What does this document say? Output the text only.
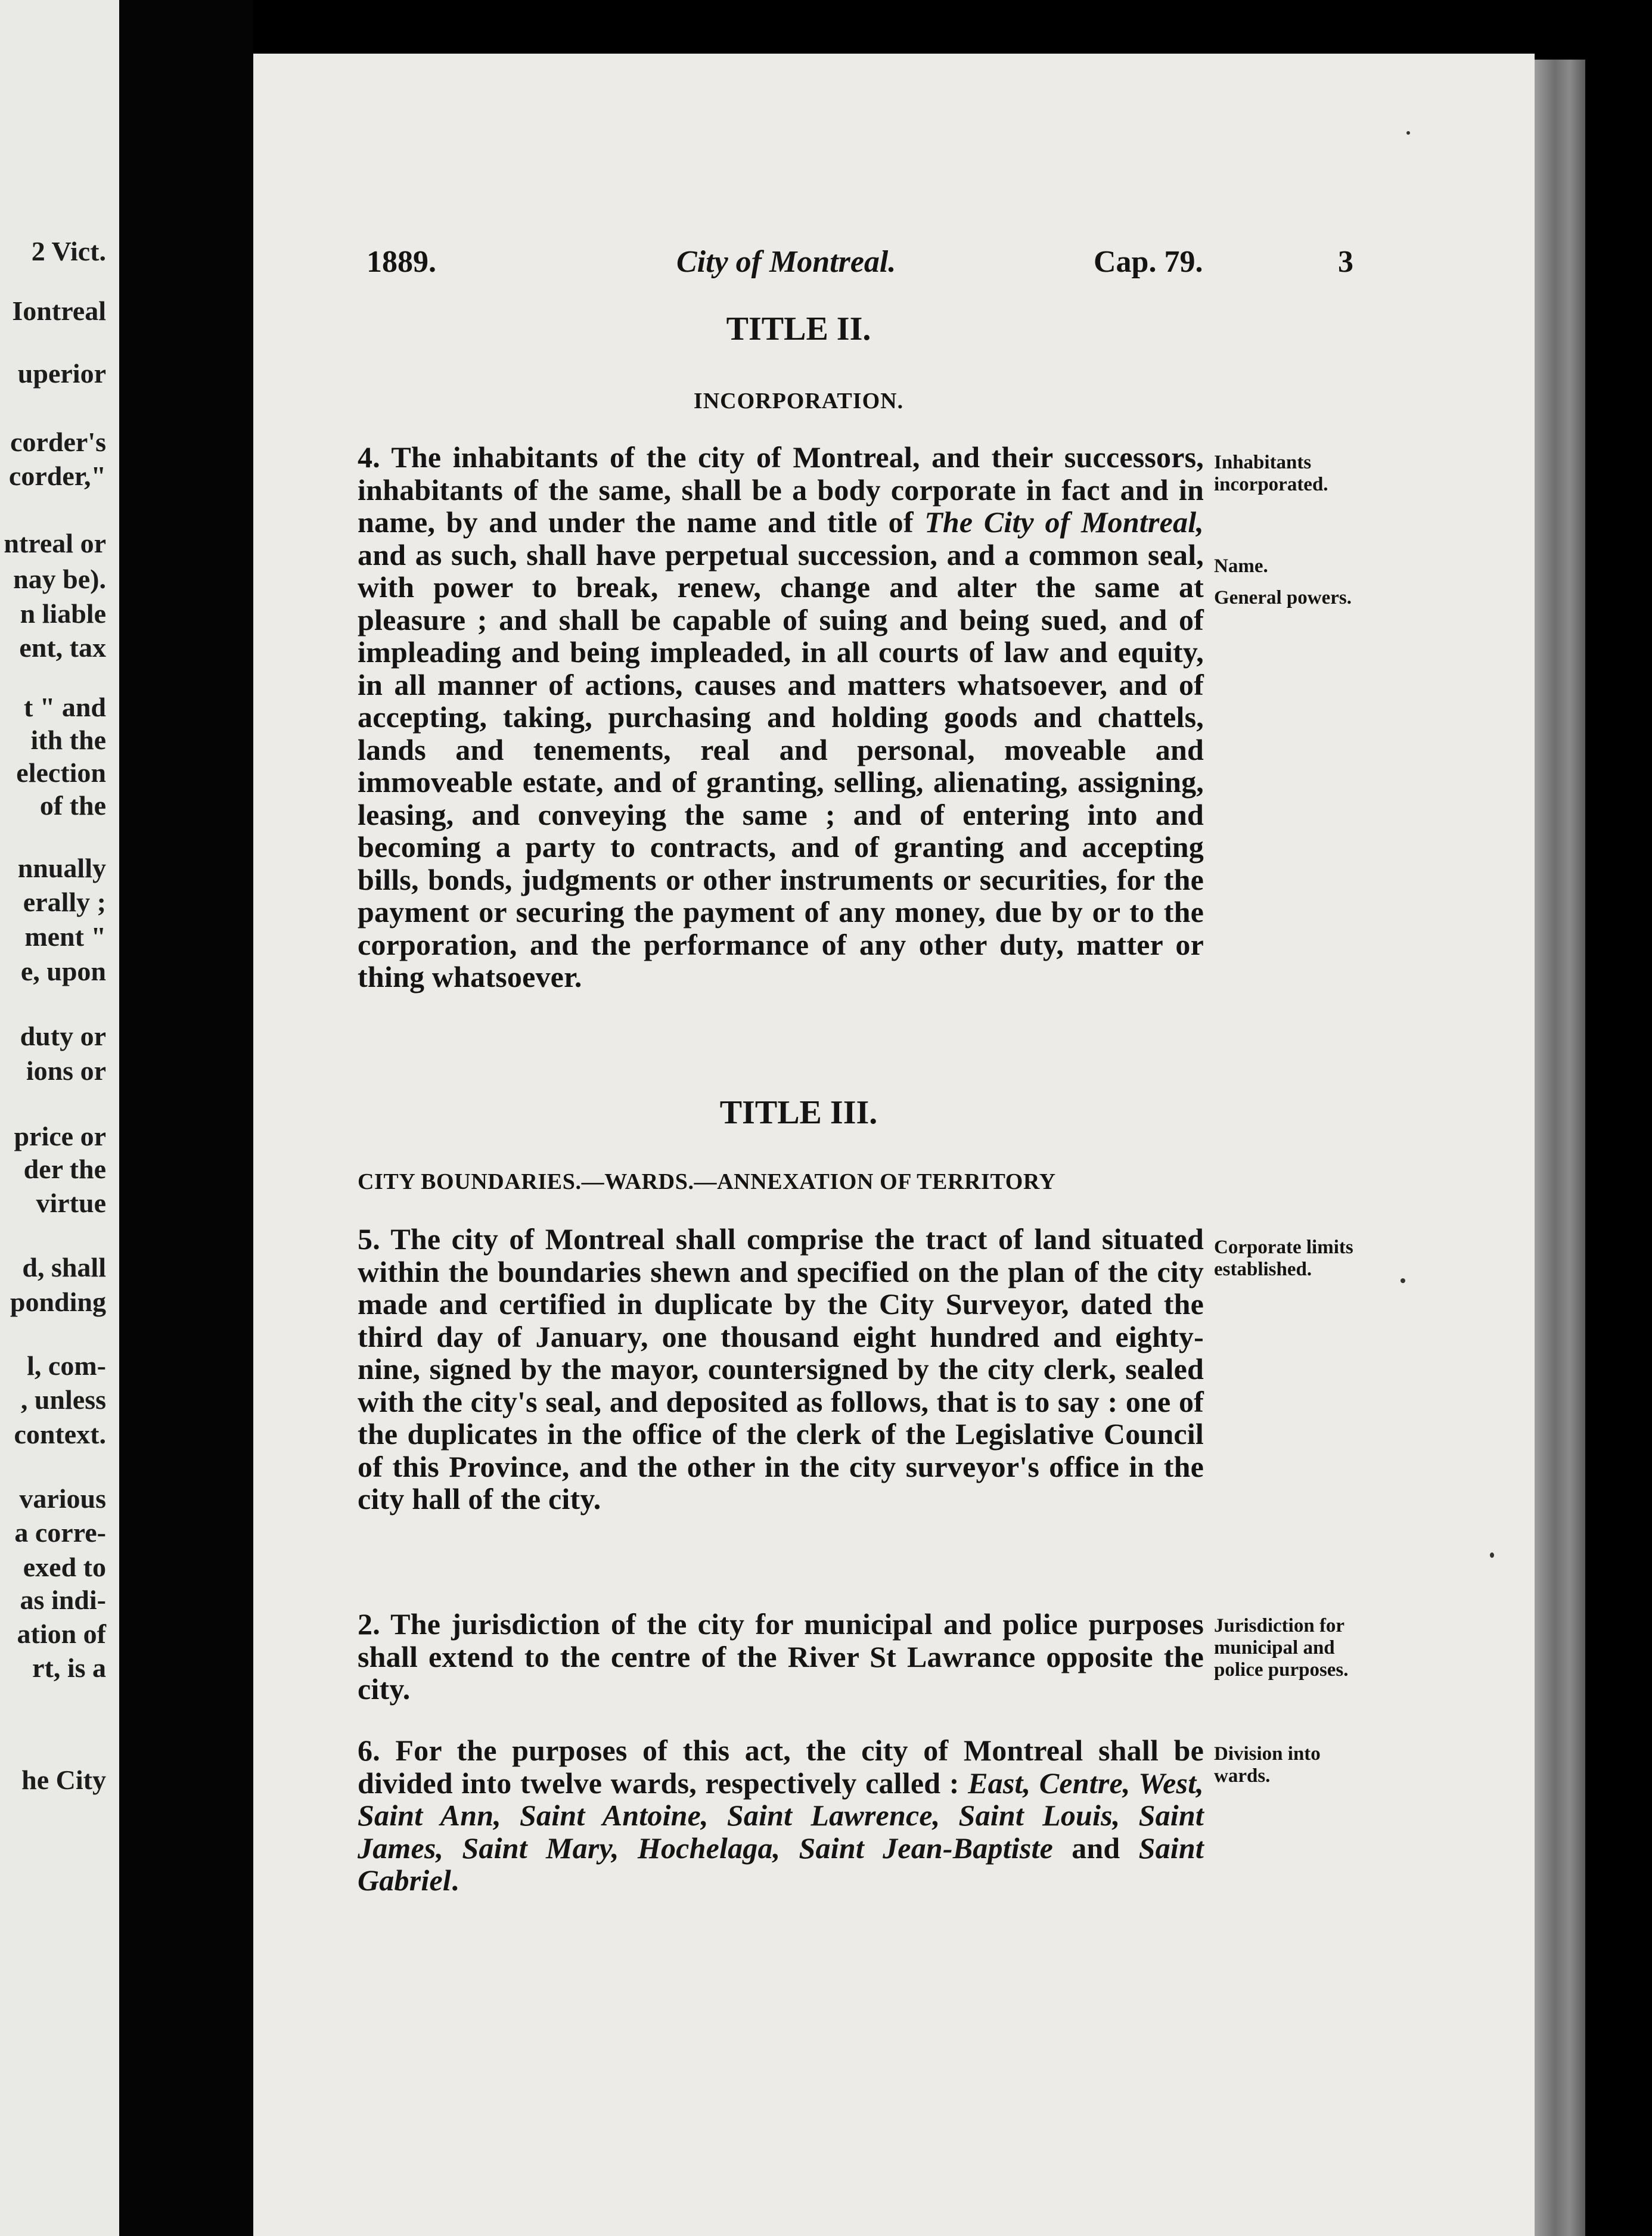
2 Vict.
Iontreal
uperior
corder's
corder,"
ntreal or
nay be).
n liable
ent, tax
t " and
ith the
election
of the
nnually
erally ;
ment "
e, upon
duty or
ions or
price or
der the
virtue
d, shall
ponding
l, com-
, unless
context.
various
a corre-
exed to
as indi-
ation of
rt, is a
he City
1889.	City of Montreal.	Cap. 79.	3
TITLE II.
INCORPORATION.
4. The inhabitants of the city of Montreal, and their successors, inhabitants of the same, shall be a body corporate in fact and in name, by and under the name and title of The City of Montreal, and as such, shall have perpetual succession, and a common seal, with power to break, renew, change and alter the same at pleasure ; and shall be capable of suing and being sued, and of impleading and being impleaded, in all courts of law and equity, in all manner of actions, causes and matters whatsoever, and of accepting, taking, purchasing and holding goods and chattels, lands and tenements, real and personal, moveable and immoveable estate, and of granting, selling, alienating, assigning, leasing, and conveying the same ; and of entering into and becoming a party to contracts, and of granting and accepting bills, bonds, judgments or other instruments or securities, for the payment or securing the payment of any money, due by or to the corporation, and the performance of any other duty, matter or thing whatsoever.
TITLE III.
CITY BOUNDARIES.—WARDS.—ANNEXATION OF TERRITORY
5. The city of Montreal shall comprise the tract of land situated within the boundaries shewn and specified on the plan of the city made and certified in duplicate by the City Surveyor, dated the third day of January, one thousand eight hundred and eighty-nine, signed by the mayor, countersigned by the city clerk, sealed with the city's seal, and deposited as follows, that is to say : one of the duplicates in the office of the clerk of the Legislative Council of this Province, and the other in the city surveyor's office in the city hall of the city.
2. The jurisdiction of the city for municipal and police purposes shall extend to the centre of the River St Lawrance opposite the city.
6. For the purposes of this act, the city of Montreal shall be divided into twelve wards, respectively called : East, Centre, West, Saint Ann, Saint Antoine, Saint Lawrence, Saint Louis, Saint James, Saint Mary, Hochelaga, Saint Jean-Baptiste and Saint Gabriel.
Inhabitants incorporated.
Name.
General powers.
Corporate limits established.
Jurisdiction for municipal and police purposes.
Division into wards.
